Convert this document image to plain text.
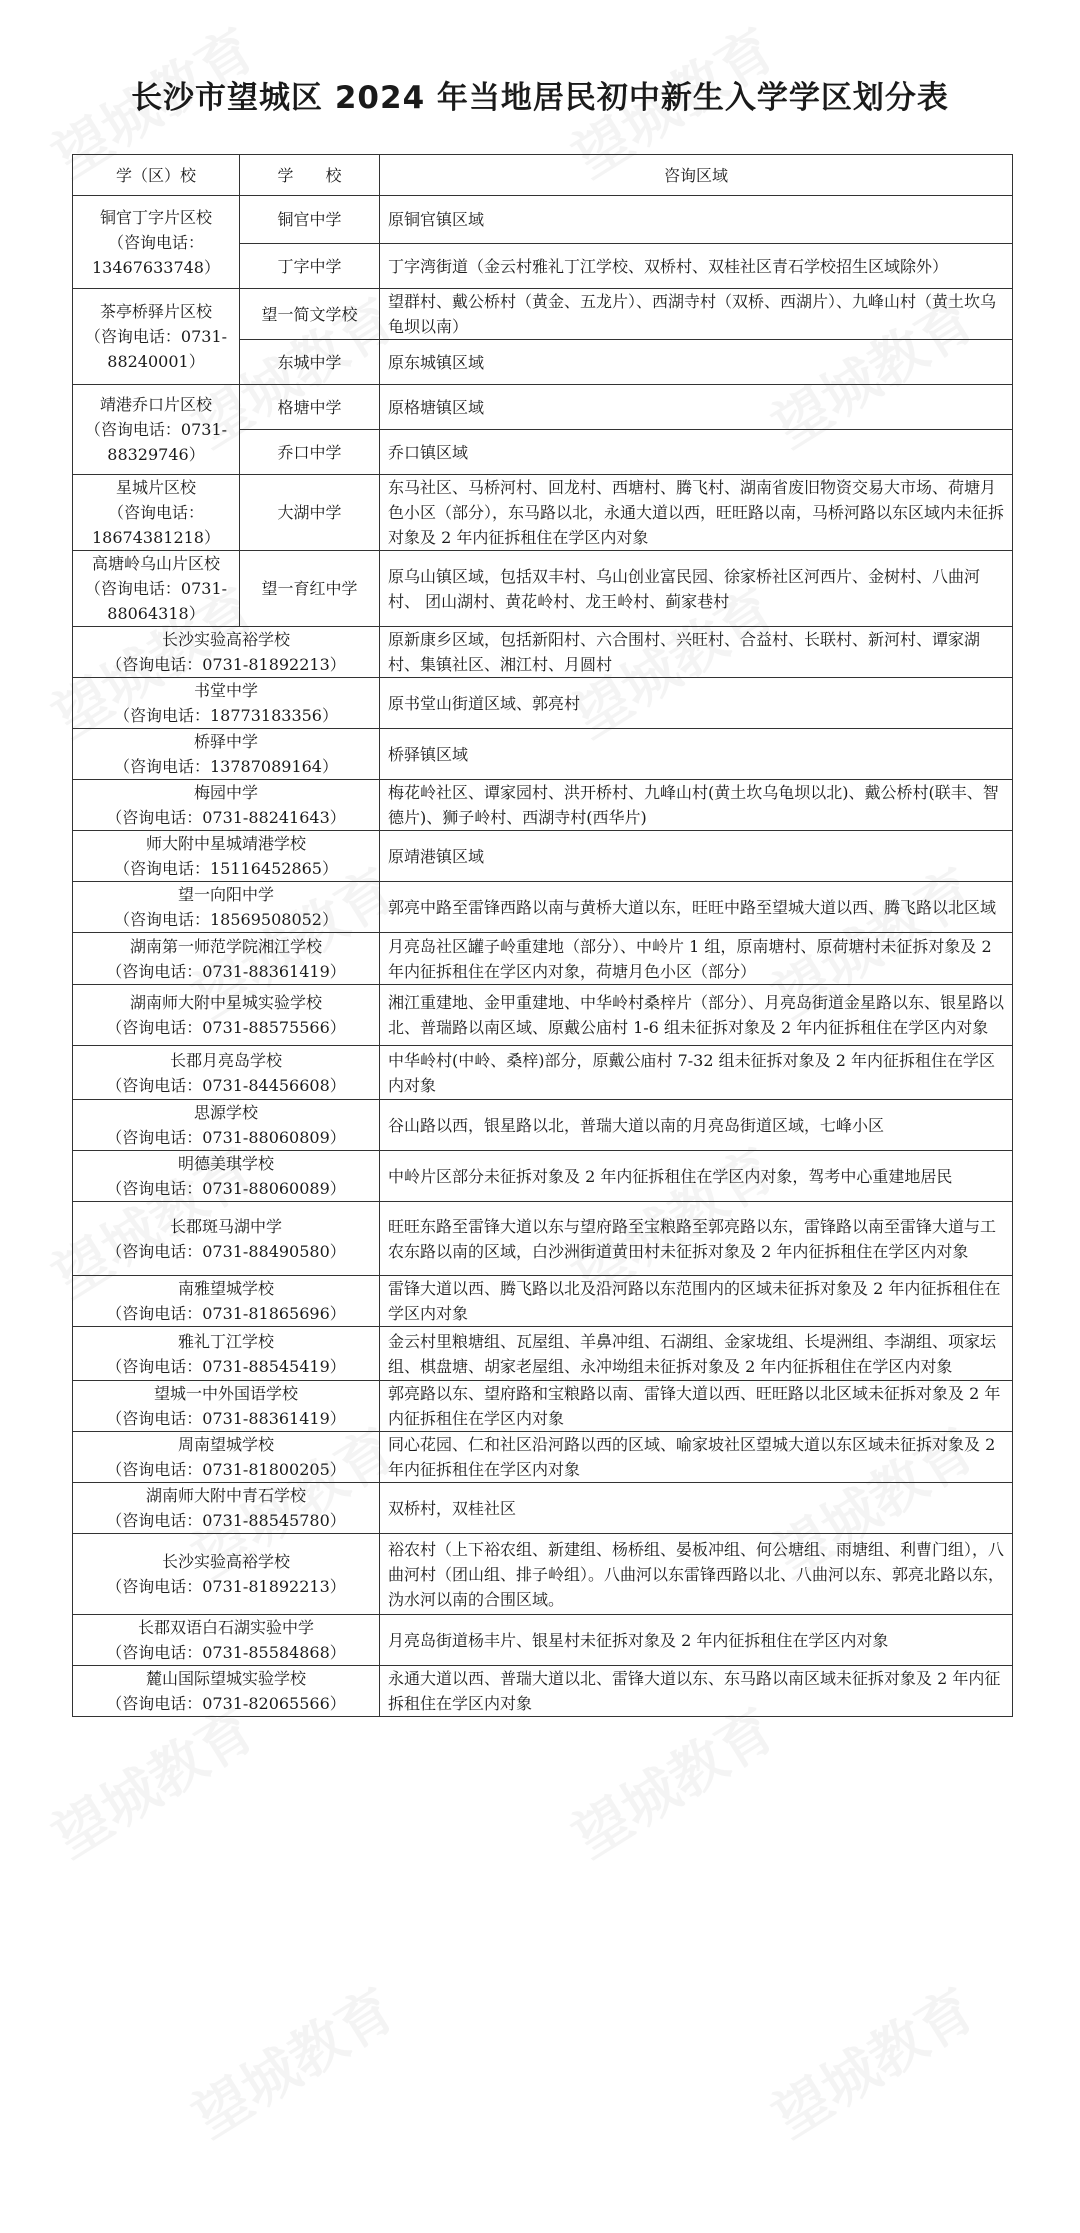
长沙市望城区 2024 年当地居民初中新生入学学区划分表
学（区）校	学　　校	咨询区域

铜官丁字片区校
（咨询电话：13467633748）	铜官中学	原铜官镇区域
	丁字中学	丁字湾街道（金云村雅礼丁江学校、双桥村、双桂社区青石学校招生区域除外）

茶亭桥驿片区校
（咨询电话：0731-88240001）	望一简文学校	望群村、戴公桥村（黄金、五龙片）、西湖寺村（双桥、西湖片）、九峰山村（黄土坎乌龟坝以南）
	东城中学	原东城镇区域

靖港乔口片区校
（咨询电话：0731-88329746）	格塘中学	原格塘镇区域
	乔口中学	乔口镇区域

星城片区校
（咨询电话：18674381218）	大湖中学	东马社区、马桥河村、回龙村、西塘村、腾飞村、湖南省废旧物资交易大市场、荷塘月色小区（部分），东马路以北，永通大道以西，旺旺路以南，马桥河路以东区域内未征拆对象及 2 年内征拆租住在学区内对象

高塘岭乌山片区校
（咨询电话：0731-88064318）	望一育红中学	原乌山镇区域，包括双丰村、乌山创业富民园、徐家桥社区河西片、金树村、八曲河村、 团山湖村、黄花岭村、龙王岭村、蓟家巷村

长沙实验高裕学校
（咨询电话：0731-81892213）		原新康乡区域，包括新阳村、六合围村、兴旺村、合益村、长联村、新河村、谭家湖村、集镇社区、湘江村、月圆村

书堂中学
（咨询电话：18773183356）		原书堂山街道区域、郭亮村

桥驿中学
（咨询电话：13787089164）		桥驿镇区域

梅园中学
（咨询电话：0731-88241643）		梅花岭社区、谭家园村、洪开桥村、九峰山村(黄土坎乌龟坝以北)、戴公桥村(联丰、智德片)、狮子岭村、西湖寺村(西华片)

师大附中星城靖港学校
（咨询电话：15116452865）		原靖港镇区域

望一向阳中学
（咨询电话：18569508052）		郭亮中路至雷锋西路以南与黄桥大道以东，旺旺中路至望城大道以西、腾飞路以北区域

湖南第一师范学院湘江学校
（咨询电话：0731-88361419）		月亮岛社区罐子岭重建地（部分）、中岭片 1 组，原南塘村、原荷塘村未征拆对象及 2 年内征拆租住在学区内对象，荷塘月色小区（部分）

湖南师大附中星城实验学校
（咨询电话：0731-88575566）		湘江重建地、金甲重建地、中华岭村桑梓片（部分）、月亮岛街道金星路以东、银星路以北、普瑞路以南区域、原戴公庙村 1-6 组未征拆对象及 2 年内征拆租住在学区内对象

长郡月亮岛学校
（咨询电话：0731-84456608）		中华岭村(中岭、桑梓)部分，原戴公庙村 7-32 组未征拆对象及 2 年内征拆租住在学区内对象

思源学校
（咨询电话：0731-88060809）		谷山路以西，银星路以北，普瑞大道以南的月亮岛街道区域，七峰小区

明德美琪学校
（咨询电话：0731-88060089）		中岭片区部分未征拆对象及 2 年内征拆租住在学区内对象，驾考中心重建地居民

长郡斑马湖中学
（咨询电话：0731-88490580）		旺旺东路至雷锋大道以东与望府路至宝粮路至郭亮路以东，雷锋路以南至雷锋大道与工农东路以南的区域，白沙洲街道黄田村未征拆对象及 2 年内征拆租住在学区内对象

南雅望城学校
（咨询电话：0731-81865696）		雷锋大道以西、腾飞路以北及沿河路以东范围内的区域未征拆对象及 2 年内征拆租住在学区内对象

雅礼丁江学校
（咨询电话：0731-88545419）		金云村里粮塘组、瓦屋组、羊鼻冲组、石湖组、金家垅组、长堤洲组、李湖组、项家坛组、棋盘塘、胡家老屋组、永冲坳组未征拆对象及 2 年内征拆租住在学区内对象

望城一中外国语学校
（咨询电话：0731-88361419）		郭亮路以东、望府路和宝粮路以南、雷锋大道以西、旺旺路以北区域未征拆对象及 2 年内征拆租住在学区内对象

周南望城学校
（咨询电话：0731-81800205）		同心花园、仁和社区沿河路以西的区域、喻家坡社区望城大道以东区域未征拆对象及 2 年内征拆租住在学区内对象

湖南师大附中青石学校
（咨询电话：0731-88545780）		双桥村，双桂社区

长沙实验高裕学校
（咨询电话：0731-81892213）		裕农村（上下裕农组、新建组、杨桥组、晏板冲组、何公塘组、雨塘组、利曹门组），八曲河村（团山组、排子岭组）。八曲河以东雷锋西路以北、八曲河以东、郭亮北路以东，沩水河以南的合围区域。

长郡双语白石湖实验中学
（咨询电话：0731-85584868）		月亮岛街道杨丰片、银星村未征拆对象及 2 年内征拆租住在学区内对象

麓山国际望城实验学校
（咨询电话：0731-82065566）		永通大道以西、普瑞大道以北、雷锋大道以东、东马路以南区域未征拆对象及 2 年内征拆租住在学区内对象
